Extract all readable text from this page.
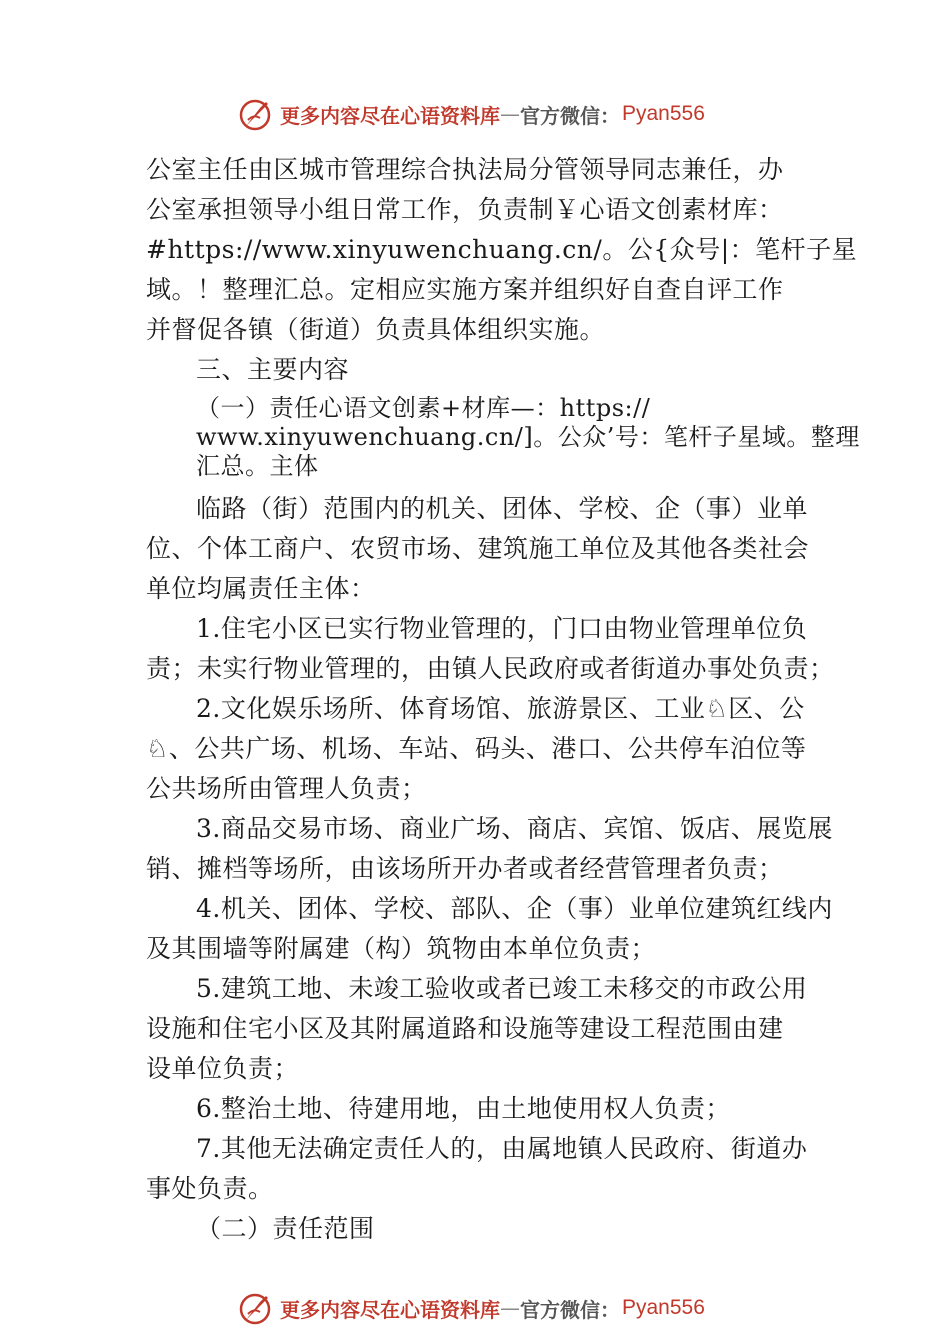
更多内容尽在心语资料库 — 官方微信： Pyan556
公室主任由区城市管理综合执法局分管领导同志兼任，办
公室承担领导小组日常工作，负责制￥心语文创素材库：
#https://www.xinyuwenchuang.cn/。公{众号|：笔杆子星
域。！整理汇总。定相应实施方案并组织好自查自评工作
并督促各镇（街道）负责具体组织实施。
三、主要内容
（一）责任心语文创素+材库—：https://
www.xinyuwenchuang.cn/]。公众’号：笔杆子星域。整理
汇总。主体
临路（街）范围内的机关、团体、学校、企（事）业单
位、个体工商户、农贸市场、建筑施工单位及其他各类社会
单位均属责任主体：
1.住宅小区已实行物业管理的，门口由物业管理单位负
责；未实行物业管理的，由镇人民政府或者街道办事处负责；
2.文化娱乐场所、体育场馆、旅游景区、工业♘区、公
♘、公共广场、机场、车站、码头、港口、公共停车泊位等
公共场所由管理人负责；
3.商品交易市场、商业广场、商店、宾馆、饭店、展览展
销、摊档等场所，由该场所开办者或者经营管理者负责；
4.机关、团体、学校、部队、企（事）业单位建筑红线内
及其围墙等附属建（构）筑物由本单位负责；
5.建筑工地、未竣工验收或者已竣工未移交的市政公用
设施和住宅小区及其附属道路和设施等建设工程范围由建
设单位负责；
6.整治土地、待建用地，由土地使用权人负责；
7.其他无法确定责任人的，由属地镇人民政府、街道办
事处负责。
（二）责任范围
更多内容尽在心语资料库 — 官方微信： Pyan556
